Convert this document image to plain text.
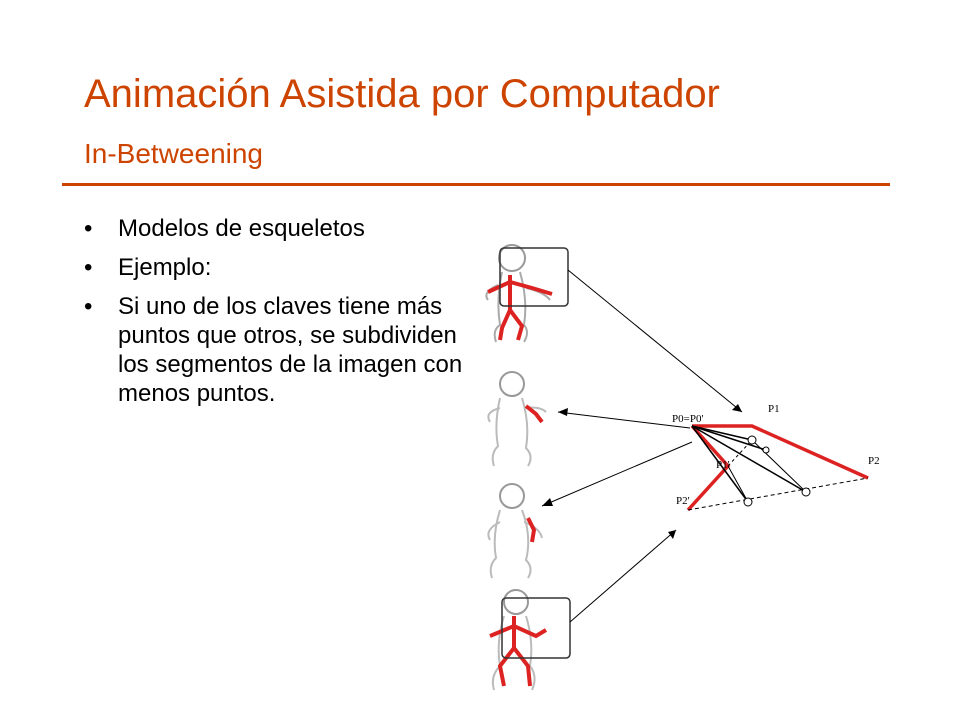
Animación Asistida por Computador
In-Betweening
• Modelos de esqueletos
• Ejemplo:
• Si uno de los claves tiene más puntos que otros, se subdividen los segmentos de la imagen con menos puntos.
P0=P0'
P1
P1'	P2
P2'
